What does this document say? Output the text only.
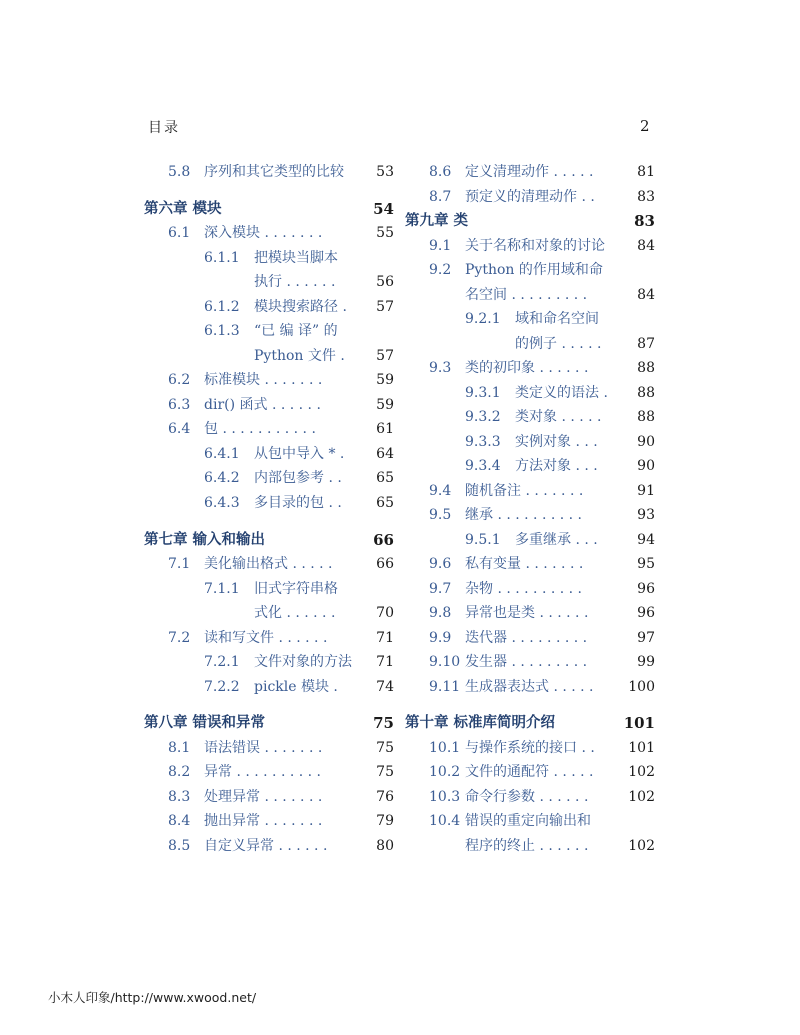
目录	2
5.8 序列和其它类型的比较 53
第六章 模块	54
6.1 深入模块 . . . . . . .	55
6.1.1 把模块当脚本
执行 . . . . . .	56
6.1.2 模块搜索路径 . 57
6.1.3 “已 编 译” 的
Python 文件 . 57
6.2 标准模块 . . . . . . .	59
6.3 dir() 函式 . . . . . .	59
6.4 包 . . . . . . . . . . .	61
6.4.1 从包中导入 * . 64
6.4.2 内部包参考 . . 65
6.4.3 多目录的包 . . 65
第七章 输入和输出	66
7.1 美化输出格式 . . . . .	66
7.1.1 旧式字符串格
式化 . . . . . .	70
7.2 读和写文件 . . . . . .	71
7.2.1 文件对象的方法 71
7.2.2 pickle 模块 .	74
第八章 错误和异常	75
8.1 语法错误 . . . . . . .	75
8.2 异常 . . . . . . . . . .	75
8.3 处理异常 . . . . . . .	76
8.4 抛出异常 . . . . . . .	79
8.5 自定义异常 . . . . . .	80
8.6 定义清理动作 . . . . .	81
8.7 预定义的清理动作 . .	83
第九章 类	83
9.1 关于名称和对象的讨论 84
9.2 Python 的作用域和命
名空间 . . . . . . . . .	84
9.2.1 域和命名空间
的例子 . . . . .	87
9.3 类的初印象 . . . . . .	88
9.3.1 类定义的语法 . 88
9.3.2 类对象 . . . . .	88
9.3.3 实例对象 . . .	90
9.3.4 方法对象 . . .	90
9.4 随机备注 . . . . . . .	91
9.5 继承 . . . . . . . . . .	93
9.5.1 多重继承 . . .	94
9.6 私有变量 . . . . . . .	95
9.7 杂物 . . . . . . . . . .	96
9.8 异常也是类 . . . . . .	96
9.9 迭代器 . . . . . . . . .	97
9.10 发生器 . . . . . . . . .	99
9.11 生成器表达式 . . . . . 100
第十章 标准库简明介绍	101
10.1 与操作系统的接口 . . 101
10.2 文件的通配符 . . . . . 102
10.3 命令行参数 . . . . . .	102
10.4 错误的重定向输出和
程序的终止 . . . . . .	102
小木人印象/http://www.xwood.net/
